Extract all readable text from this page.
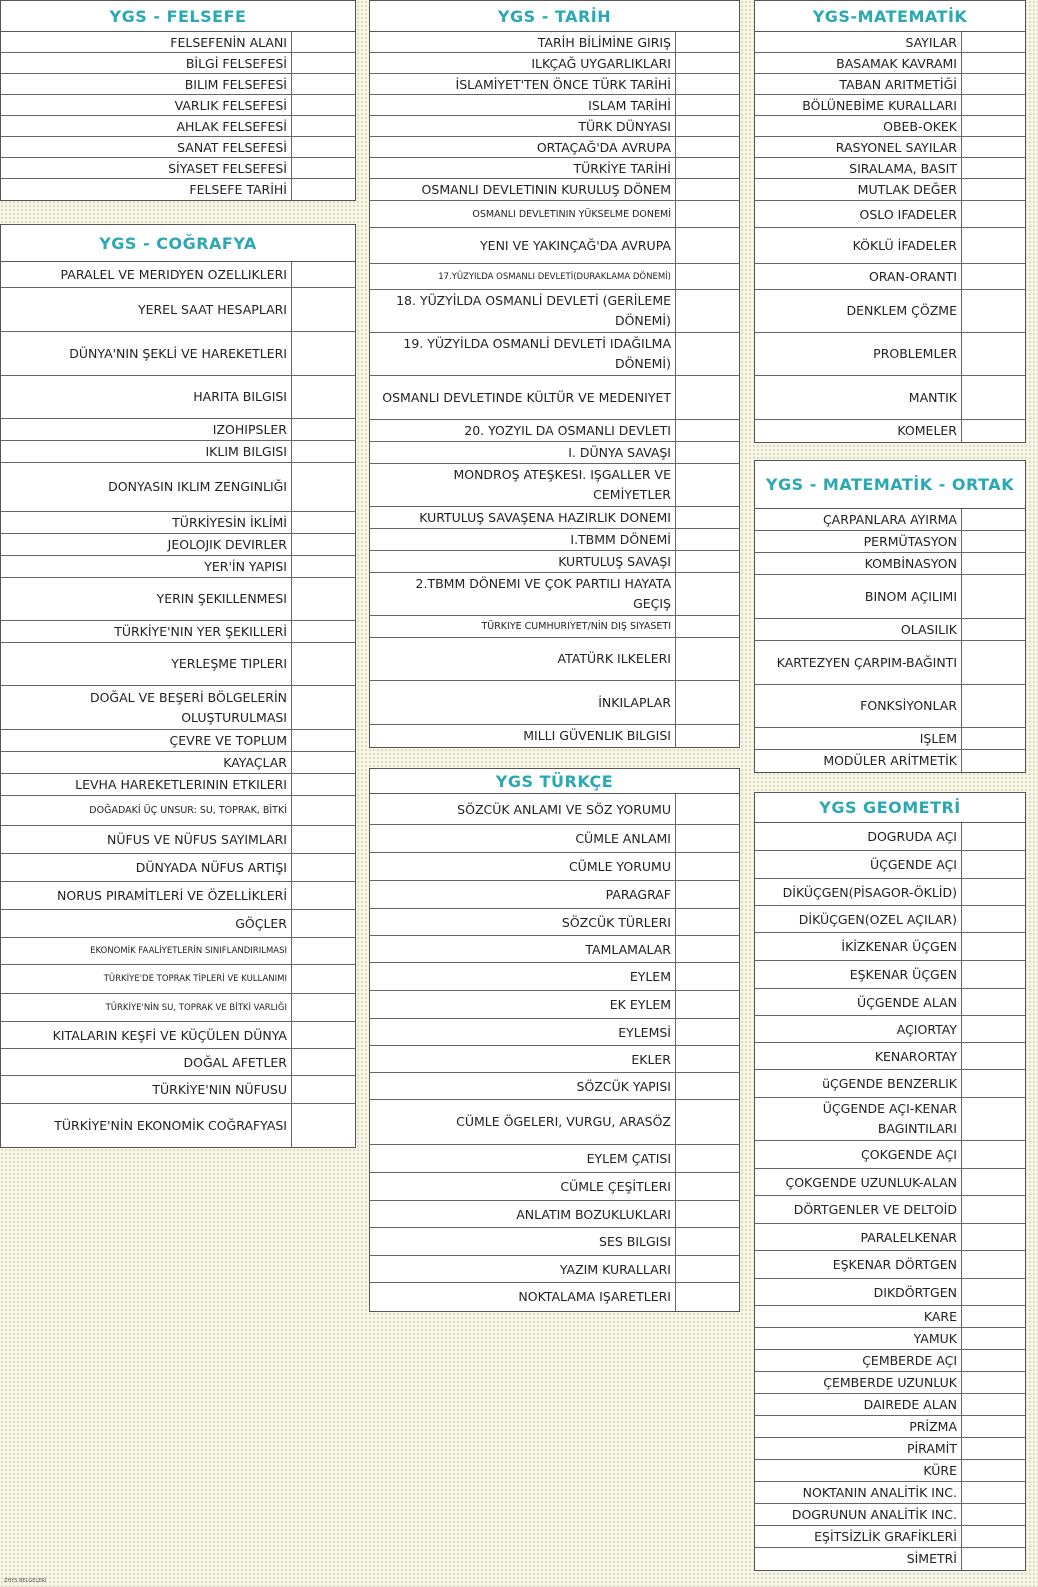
YGS - FELSEFE
FELSEFENİN ALANI
BİLGİ FELSEFESİ
BILIM FELSEFESİ
VARLIK FELSEFESİ
AHLAK FELSEFESİ
SANAT FELSEFESİ
SİYASET FELSEFESİ
FELSEFE TARİHİ
YGS - COĞRAFYA
PARALEL VE MERIDYEN OZELLIKLERI
YEREL SAAT HESAPLARI
DÜNYA'NIN ŞEKLİ VE HAREKETLERI
HARITA BILGISI
IZOHIPSLER
IKLIM BILGISI
DONYASIN IKLIM ZENGINLIĞI
TÜRKİYESİN İKLİMİ
JEOLOJIK DEVIRLER
YER'İN YAPISI
YERIN ŞEKILLENMESI
TÜRKİYE'NIN YER ŞEKILLERİ
YERLEŞME TIPLERI
DOĞAL VE BEŞERİ BÖLGELERİN OLUŞTURULMASI
ÇEVRE VE TOPLUM
KAYAÇLAR
LEVHA HAREKETLERININ ETKILERI
DOĞADAKİ ÜÇ UNSUR: SU, TOPRAK, BİTKİ
NÜFUS VE NÜFUS SAYIMLARI
DÜNYADA NÜFUS ARTIŞI
NORUS PIRAMİTLERİ VE ÖZELLİKLERİ
GÖÇLER
EKONOMİK FAALİYETLERİN SINIFLANDIRILMASI
TÜRKİYE'DE TOPRAK TİPLERİ VE KULLANIMI
TÜRKİYE'NİN SU, TOPRAK VE BİTKİ VARLIĞI
KITALARIN KEŞFİ VE KÜÇÜLEN DÜNYA
DOĞAL AFETLER
TÜRKİYE'NIN NÜFUSU
TÜRKİYE'NİN EKONOMİK COĞRAFYASI
YGS - TARİH
TARİH BİLİMİNE GIRIŞ
ILKÇAĞ UYGARLIKLARI
İSLAMİYET'TEN ÖNCE TÜRK TARİHİ
ISLAM TARİHİ
TÜRK DÜNYASI
ORTAÇAĞ'DA AVRUPA
TÜRKİYE TARİHİ
OSMANLI DEVLETININ KURULUŞ DÖNEM
OSMANLI DEVLETININ YÜKSELME DONEMİ
YENI VE YAKINÇAĞ'DA AVRUPA
17.YÜZYILDA OSMANLI DEVLETİ(DURAKLAMA DÖNEMİ)
18. YÜZYİLDA OSMANLİ DEVLETİ (GERİLEME DÖNEMİ)
19. YÜZYİLDA OSMANLİ DEVLETİ IDAĞILMA DÖNEMİ)
OSMANLI DEVLETINDE KÜLTÜR VE MEDENIYET
20. YOZYIL DA OSMANLI DEVLETI
I. DÜNYA SAVAŞI
MONDROŞ ATEŞKESI. IŞGALLER VE CEMİYETLER
KURTULUŞ SAVAŞENA HAZIRLIK DONEMI
I.TBMM DÖNEMİ
KURTULUŞ SAVAŞI
2.TBMM DÖNEMI VE ÇOK PARTILI HAYATA GEÇIŞ
TÜRKIYE CUMHURIYET/NİN DIŞ SIYASETI
ATATÜRK ILKELERI
İNKILAPLAR
MILLI GÜVENLIK BILGISI
YGS TÜRKÇE
SÖZCÜK ANLAMI VE SÖZ YORUMU
CÜMLE ANLAMI
CÜMLE YORUMU
PARAGRAF
SÖZCÜK TÜRLERI
TAMLAMALAR
EYLEM
EK EYLEM
EYLEMSİ
EKLER
SÖZCÜK YAPISI
CÜMLE ÖGELERI, VURGU, ARASÖZ
EYLEM ÇATISI
CÜMLE ÇEŞİTLERI
ANLATIM BOZUKLUKLARI
SES BILGISI
YAZIM KURALLARI
NOKTALAMA IŞARETLERI
YGS-MATEMATİK
SAYILAR
BASAMAK KAVRAMI
TABAN ARITMETİĞİ
BÖLÜNEBİME KURALLARI
OBEB-OKEK
RASYONEL SAYILAR
SIRALAMA, BASIT
MUTLAK DEĞER
OSLO IFADELER
KÖKLÜ İFADELER
ORAN-ORANTI
DENKLEM ÇÖZME
PROBLEMLER
MANTIK
KOMELER
YGS - MATEMATİK - ORTAK
ÇARPANLARA AYIRMA
PERMÜTASYON
KOMBİNASYON
BINOM AÇILIMI
OLASILIK
KARTEZYEN ÇARPIM-BAĞINTI
FONKSİYONLAR
IŞLEM
MODÜLER ARİTMETİK
YGS GEOMETRİ
DOGRUDA AÇI
ÜÇGENDE AÇI
DİKÜÇGEN(PİSAGOR-ÖKLİD)
DİKÜÇGEN(OZEL AÇILAR)
İKİZKENAR ÜÇGEN
EŞKENAR ÜÇGEN
ÜÇGENDE ALAN
AÇIORTAY
KENARORTAY
üÇGENDE BENZERLIK
ÜÇGENDE AÇI-KENAR BAGINTILARI
ÇOKGENDE AÇI
ÇOKGENDE UZUNLUK-ALAN
DÖRTGENLER VE DELTOİD
PARALELKENAR
EŞKENAR DÖRTGEN
DIKDÖRTGEN
KARE
YAMUK
ÇEMBERDE AÇI
ÇEMBERDE UZUNLUK
DAIREDE ALAN
PRİZMA
PİRAMİT
KÜRE
NOKTANIN ANALİTİK INC.
DOGRUNUN ANALİTİK INC.
EŞİTSİZLİK GRAFİKLERİ
SİMETRİ
ZHYS BELGELERİ
